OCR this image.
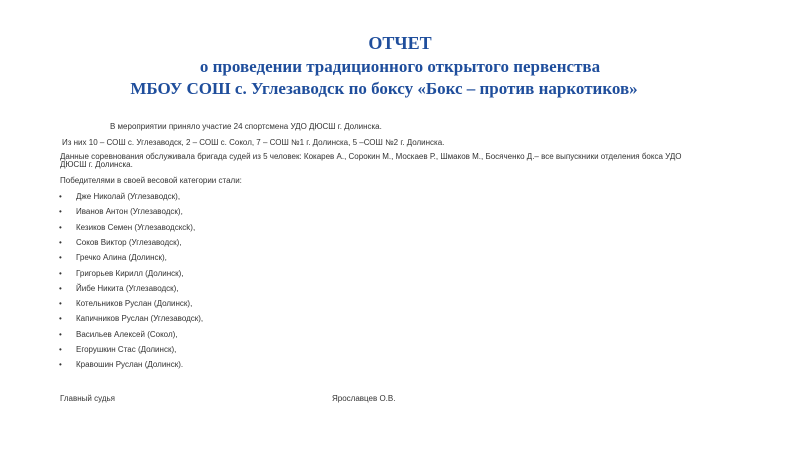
ОТЧЕТ
о проведении традиционного открытого первенства
МБОУ СОШ с. Углезаводск по боксу «Бокс – против наркотиков»
В мероприятии приняло участие 24 спортсмена УДО ДЮСШ г. Долинска.
Из них 10 – СОШ с. Углезаводск, 2 – СОШ с. Сокол, 7 – СОШ №1 г. Долинска, 5 –СОШ №2 г. Долинска.
Данные соревнования обслуживала бригада судей из 5 человек: Кокарев А., Сорокин М., Москаев Р., Шмаков М., Босяченко Д.– все выпускники отделения бокса УДО
ДЮСШ г. Долинска.
Победителями в своей весовой категории стали:
• Дже Николай (Углезаводск),
• Иванов Антон (Углезаводск),
• Кезиков Семен (Углезаводсксk),
• Соков Виктор (Углезаводск),
• Гречко Алина (Долинск),
• Григорьев Кирилл (Долинск),
• Йибе Никита (Углезаводск),
• Котельников Руслан (Долинск),
• Капичников Руслан (Углезаводск),
• Васильев Алексей (Сокол),
• Егорушкин Стас (Долинск),
• Кравошин Руслан (Долинск).
Главный судья	Ярославцев О.В.
